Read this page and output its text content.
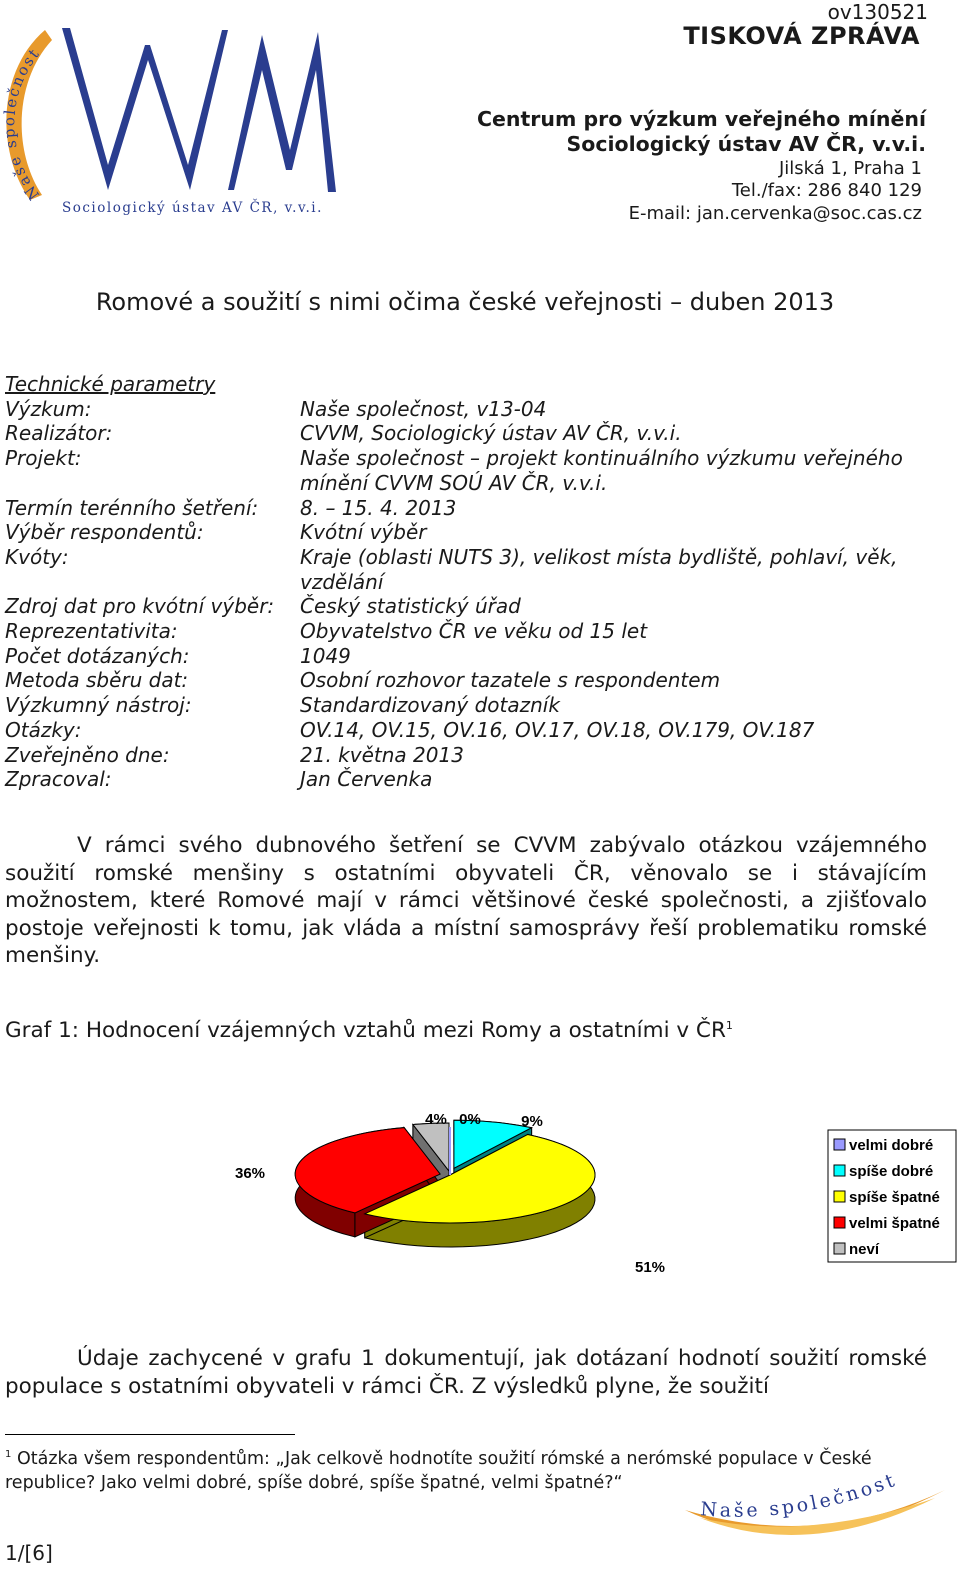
Naše společnost
Sociologický ústav AV ČR, v.v.i.
ov130521
TISKOVÁ ZPRÁVA
Centrum pro výzkum veřejného mínění
Sociologický ústav AV ČR, v.v.i.
Jilská 1, Praha 1
Tel./fax: 286 840 129
E-mail: jan.cervenka@soc.cas.cz
Romové a soužití s nimi očima české veřejnosti – duben 2013
Technické parametry
Výzkum:	Naše společnost, v13-04
Realizátor:	CVVM, Sociologický ústav AV ČR, v.v.i.
Projekt:	Naše společnost – projekt kontinuálního výzkumu veřejného mínění CVVM SOÚ AV ČR, v.v.i.
Termín terénního šetření:	8. – 15. 4. 2013
Výběr respondentů:	Kvótní výběr
Kvóty:	Kraje (oblasti NUTS 3), velikost místa bydliště, pohlaví, věk, vzdělání
Zdroj dat pro kvótní výběr:	Český statistický úřad
Reprezentativita:	Obyvatelstvo ČR ve věku od 15 let
Počet dotázaných:	1049
Metoda sběru dat:	Osobní rozhovor tazatele s respondentem
Výzkumný nástroj:	Standardizovaný dotazník
Otázky:	OV.14, OV.15, OV.16, OV.17, OV.18, OV.179, OV.187
Zveřejněno dne:	21. května 2013
Zpracoval:	Jan Červenka
V rámci svého dubnového šetření se CVVM zabývalo otázkou vzájemného soužití romské menšiny s ostatními obyvateli ČR, věnovalo se i stávajícím možnostem, které Romové mají v rámci většinové české společnosti, a zjišťovalo postoje veřejnosti k tomu, jak vláda a místní samosprávy řeší problematiku romské menšiny.
Graf 1: Hodnocení vzájemných vztahů mezi Romy a ostatními v $ČR^1$
0%	9%
51%
36%
4%
velmi dobré
spíše dobré
spíše špatné
velmi špatné
neví
Údaje zachycené v grafu 1 dokumentují, jak dotázaní hodnotí soužití romské populace s ostatními obyvateli v rámci ČR. Z výsledků plyne, že soužití
$^1$ Otázka všem respondentům: „Jak celkově hodnotíte soužití rómské a nerómské populace v České republice? Jako velmi dobré, spíše dobré, spíše špatné, velmi špatné?“
Naše společnost
1/[6]
